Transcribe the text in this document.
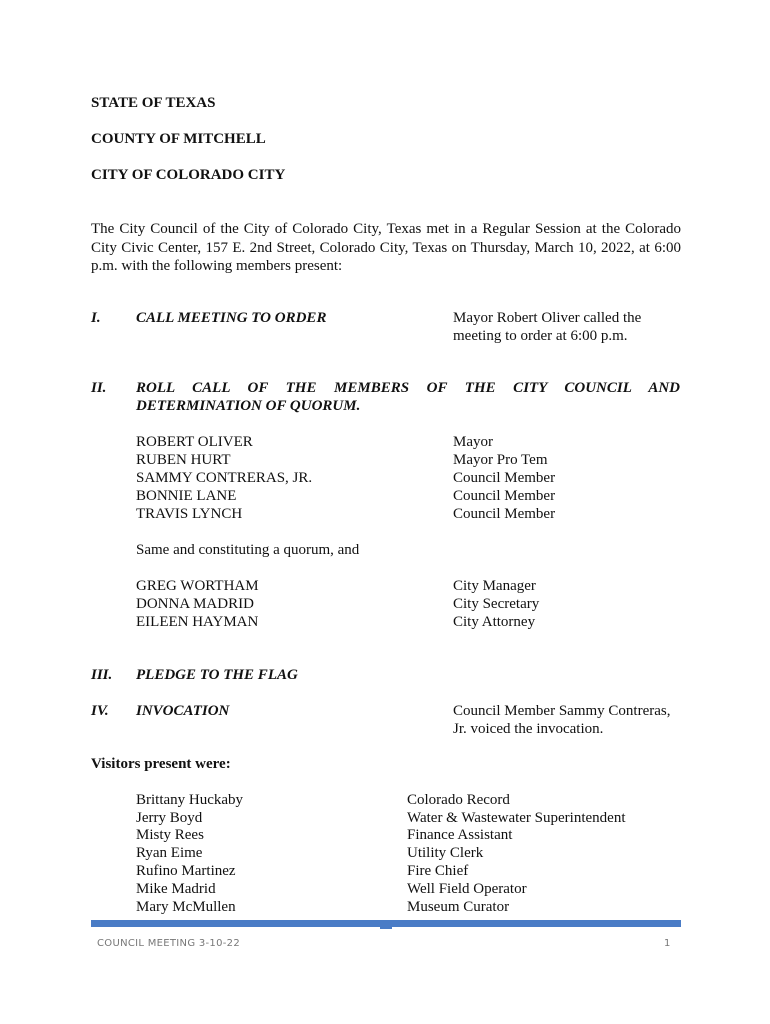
STATE OF TEXAS
COUNTY OF MITCHELL
CITY OF COLORADO CITY
The City Council of the City of Colorado City, Texas met in a Regular Session at the Colorado City Civic Center, 157 E. 2nd Street, Colorado City, Texas on Thursday, March 10, 2022, at 6:00 p.m. with the following members present:
I. CALL MEETING TO ORDER	Mayor Robert Oliver called the
meeting to order at 6:00 p.m.
II. ROLL CALL OF THE MEMBERS OF THE CITY COUNCIL AND
DETERMINATION OF QUORUM.
ROBERT OLIVER	Mayor
RUBEN HURT	Mayor Pro Tem
SAMMY CONTRERAS, JR.	Council Member
BONNIE LANE	Council Member
TRAVIS LYNCH	Council Member
Same and constituting a quorum, and
GREG WORTHAM	City Manager
DONNA MADRID	City Secretary
EILEEN HAYMAN	City Attorney
III. PLEDGE TO THE FLAG
IV. INVOCATION	Council Member Sammy Contreras,
Jr. voiced the invocation.
Visitors present were:
Brittany Huckaby	Colorado Record
Jerry Boyd	Water & Wastewater Superintendent
Misty Rees	Finance Assistant
Ryan Eime	Utility Clerk
Rufino Martinez	Fire Chief
Mike Madrid	Well Field Operator
Mary McMullen	Museum Curator
COUNCIL MEETING 3-10-22	1
